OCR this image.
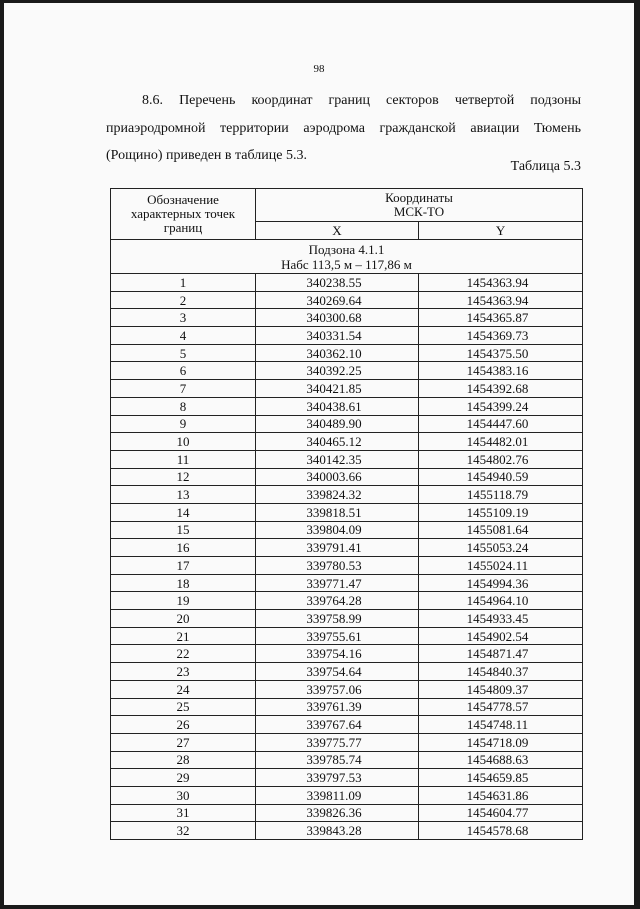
98
8.6. Перечень координат границ секторов четвертой подзоны приаэродромной территории аэродрома гражданской авиации Тюмень (Рощино) приведен в таблице 5.3.
Таблица 5.3
Обозначение характерных точек границ	Координаты
МСК-ТО	
	X	Y
Подзона 4.1.1
Набс 113,5 м – 117,86 м		
1	340238.55	1454363.94
2	340269.64	1454363.94
3	340300.68	1454365.87
4	340331.54	1454369.73
5	340362.10	1454375.50
6	340392.25	1454383.16
7	340421.85	1454392.68
8	340438.61	1454399.24
9	340489.90	1454447.60
10	340465.12	1454482.01
11	340142.35	1454802.76
12	340003.66	1454940.59
13	339824.32	1455118.79
14	339818.51	1455109.19
15	339804.09	1455081.64
16	339791.41	1455053.24
17	339780.53	1455024.11
18	339771.47	1454994.36
19	339764.28	1454964.10
20	339758.99	1454933.45
21	339755.61	1454902.54
22	339754.16	1454871.47
23	339754.64	1454840.37
24	339757.06	1454809.37
25	339761.39	1454778.57
26	339767.64	1454748.11
27	339775.77	1454718.09
28	339785.74	1454688.63
29	339797.53	1454659.85
30	339811.09	1454631.86
31	339826.36	1454604.77
32	339843.28	1454578.68
